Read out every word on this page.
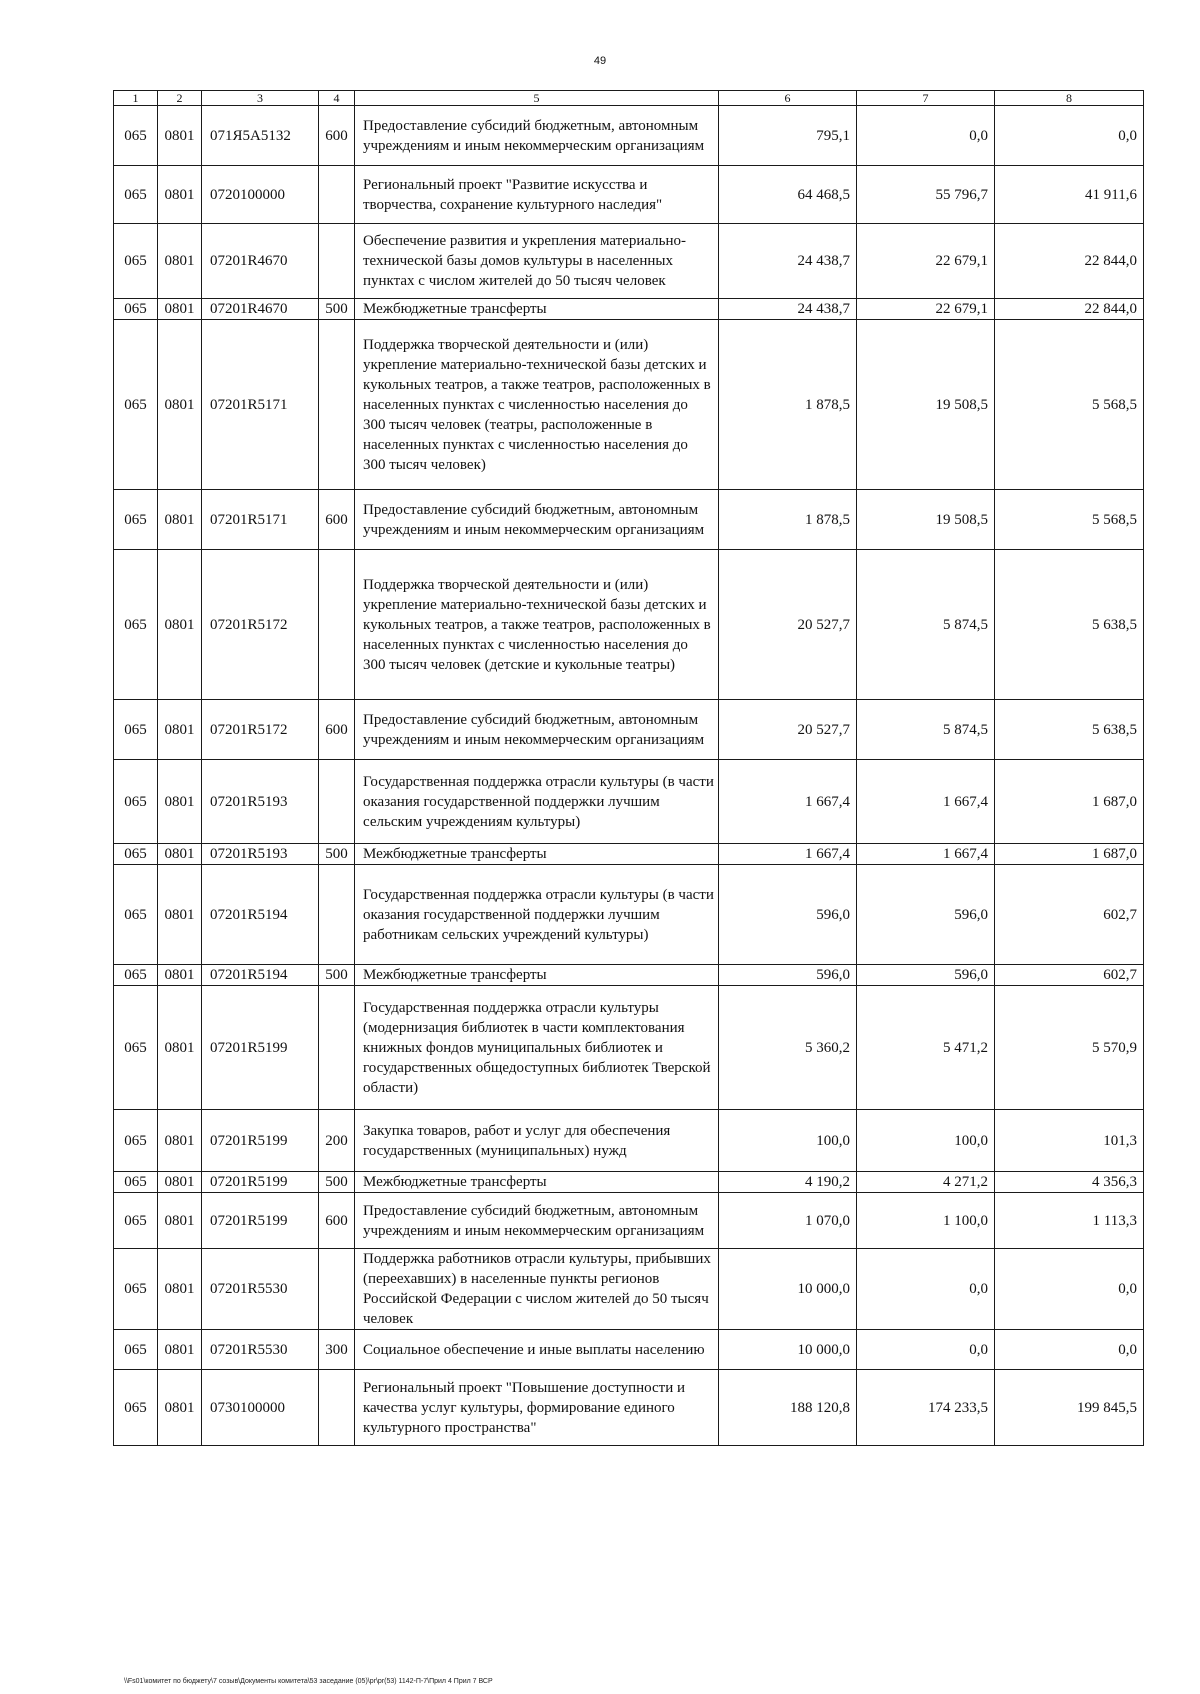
49
1	2	3	4	5	6	7	8
065	0801	071Я5А5132	600	Предоставление субсидий бюджетным, автономным учреждениям и иным некоммерческим организациям	795,1	0,0	0,0
065	0801	0720100000		Региональный проект "Развитие искусства и творчества, сохранение культурного наследия"	64 468,5	55 796,7	41 911,6
065	0801	07201R4670		Обеспечение развития и укрепления материально-технической базы домов культуры в населенных пунктах с числом жителей до 50 тысяч человек	24 438,7	22 679,1	22 844,0
065	0801	07201R4670	500	Межбюджетные трансферты	24 438,7	22 679,1	22 844,0
065	0801	07201R5171		Поддержка творческой деятельности и (или) укрепление материально-технической базы детских и кукольных театров, а также театров, расположенных в населенных пунктах с численностью населения до 300 тысяч человек (театры, расположенные в населенных пунктах с численностью населения до 300 тысяч человек)	1 878,5	19 508,5	5 568,5
065	0801	07201R5171	600	Предоставление субсидий бюджетным, автономным учреждениям и иным некоммерческим организациям	1 878,5	19 508,5	5 568,5
065	0801	07201R5172		Поддержка творческой деятельности и (или) укрепление материально-технической базы детских и кукольных театров, а также театров, расположенных в населенных пунктах с численностью населения до 300 тысяч человек (детские и кукольные театры)	20 527,7	5 874,5	5 638,5
065	0801	07201R5172	600	Предоставление субсидий бюджетным, автономным учреждениям и иным некоммерческим организациям	20 527,7	5 874,5	5 638,5
065	0801	07201R5193		Государственная поддержка отрасли культуры (в части оказания государственной поддержки лучшим сельским учреждениям культуры)	1 667,4	1 667,4	1 687,0
065	0801	07201R5193	500	Межбюджетные трансферты	1 667,4	1 667,4	1 687,0
065	0801	07201R5194		Государственная поддержка отрасли культуры (в части оказания государственной поддержки лучшим работникам сельских учреждений культуры)	596,0	596,0	602,7
065	0801	07201R5194	500	Межбюджетные трансферты	596,0	596,0	602,7
065	0801	07201R5199		Государственная поддержка отрасли культуры (модернизация библиотек в части комплектования книжных фондов муниципальных библиотек и государственных общедоступных библиотек Тверской области)	5 360,2	5 471,2	5 570,9
065	0801	07201R5199	200	Закупка товаров, работ и услуг для обеспечения государственных (муниципальных) нужд	100,0	100,0	101,3
065	0801	07201R5199	500	Межбюджетные трансферты	4 190,2	4 271,2	4 356,3
065	0801	07201R5199	600	Предоставление субсидий бюджетным, автономным учреждениям и иным некоммерческим организациям	1 070,0	1 100,0	1 113,3
065	0801	07201R5530		Поддержка работников отрасли культуры, прибывших (переехавших) в населенные пункты регионов Российской Федерации с числом жителей до 50 тысяч человек	10 000,0	0,0	0,0
065	0801	07201R5530	300	Социальное обеспечение и иные выплаты населению	10 000,0	0,0	0,0
065	0801	0730100000		Региональный проект "Повышение доступности и качества услуг культуры, формирование единого культурного пространства"	188 120,8	174 233,5	199 845,5
\\Fs01\комитет по бюджету\7 созыв\Документы комитета\53 заседание (05)\pr\pr(53) 1142-П-7\Прил 4 Прил 7 ВСР
